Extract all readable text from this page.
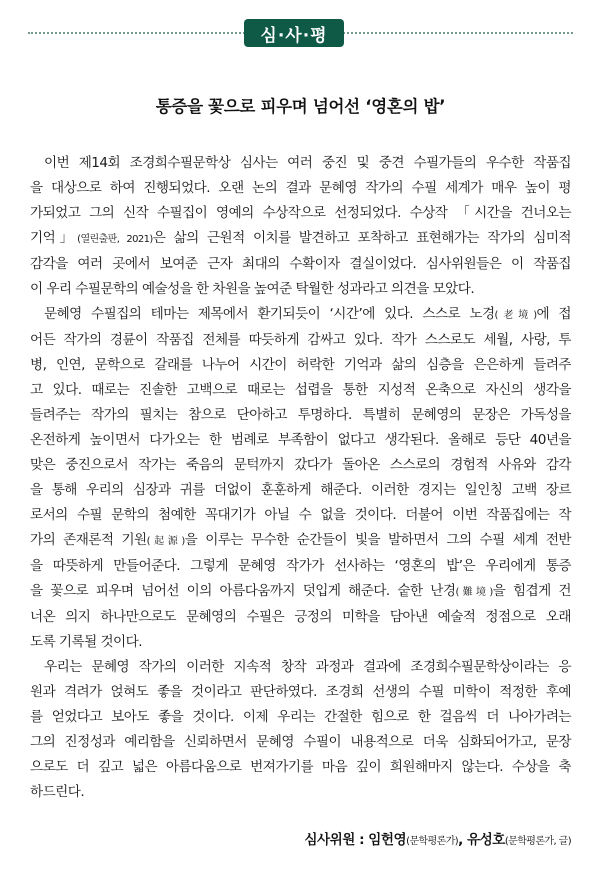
심·사·평
통증을 꽃으로 피우며 넘어선 ‘영혼의 밥’

이번 제14회 조경희수필문학상 심사는 여러 중진 및 중견 수필가들의 우수한 작품집
을 대상으로 하여 진행되었다. 오랜 논의 결과 문혜영 작가의 수필 세계가 매우 높이 평
가되었고 그의 신작 수필집이 영예의 수상작으로 선정되었다. 수상작 「시간을 건너오는
기억」(열린출판, 2021)은 삶의 근원적 이치를 발견하고 포착하고 표현해가는 작가의 심미적
감각을 여러 곳에서 보여준 근자 최대의 수확이자 결실이었다. 심사위원들은 이 작품집
이 우리 수필문학의 예술성을 한 차원을 높여준 탁월한 성과라고 의견을 모았다.

문혜영 수필집의 테마는 제목에서 환기되듯이 ‘시간’에 있다. 스스로 노경(老境)에 접
어든 작가의 경륜이 작품집 전체를 따듯하게 감싸고 있다. 작가 스스로도 세월, 사랑, 투
병, 인연, 문학으로 갈래를 나누어 시간이 허락한 기억과 삶의 심층을 은은하게 들려주
고 있다. 때로는 진솔한 고백으로 때로는 섭렵을 통한 지성적 온축으로 자신의 생각을
들려주는 작가의 필치는 참으로 단아하고 투명하다. 특별히 문혜영의 문장은 가독성을
온전하게 높이면서 다가오는 한 범례로 부족함이 없다고 생각된다. 올해로 등단 40년을
맞은 중진으로서 작가는 죽음의 문턱까지 갔다가 돌아온 스스로의 경험적 사유와 감각
을 통해 우리의 심장과 귀를 더없이 훈훈하게 해준다. 이러한 경지는 일인칭 고백 장르
로서의 수필 문학의 첨예한 꼭대기가 아닐 수 없을 것이다. 더불어 이번 작품집에는 작
가의 존재론적 기원(起源)을 이루는 무수한 순간들이 빛을 발하면서 그의 수필 세계 전반
을 따뜻하게 만들어준다. 그렇게 문혜영 작가가 선사하는 ‘영혼의 밥’은 우리에게 통증
을 꽃으로 피우며 넘어선 이의 아름다움까지 덧입게 해준다. 숱한 난경(難境)을 힘겹게 건
너온 의지 하나만으로도 문혜영의 수필은 긍정의 미학을 담아낸 예술적 정점으로 오래
도록 기록될 것이다.

우리는 문혜영 작가의 이러한 지속적 창작 과정과 결과에 조경희수필문학상이라는 응
원과 격려가 얹혀도 좋을 것이라고 판단하였다. 조경희 선생의 수필 미학이 적정한 후예
를 얻었다고 보아도 좋을 것이다. 이제 우리는 간절한 힘으로 한 걸음씩 더 나아가려는
그의 진정성과 예리함을 신뢰하면서 문혜영 수필이 내용적으로 더욱 심화되어가고, 문장
으로도 더 깊고 넓은 아름다움으로 번져가기를 마음 깊이 희원해마지 않는다. 수상을 축
하드린다.

심사위원 : 임헌영(문학평론가), 유성호(문학평론가, 글)
